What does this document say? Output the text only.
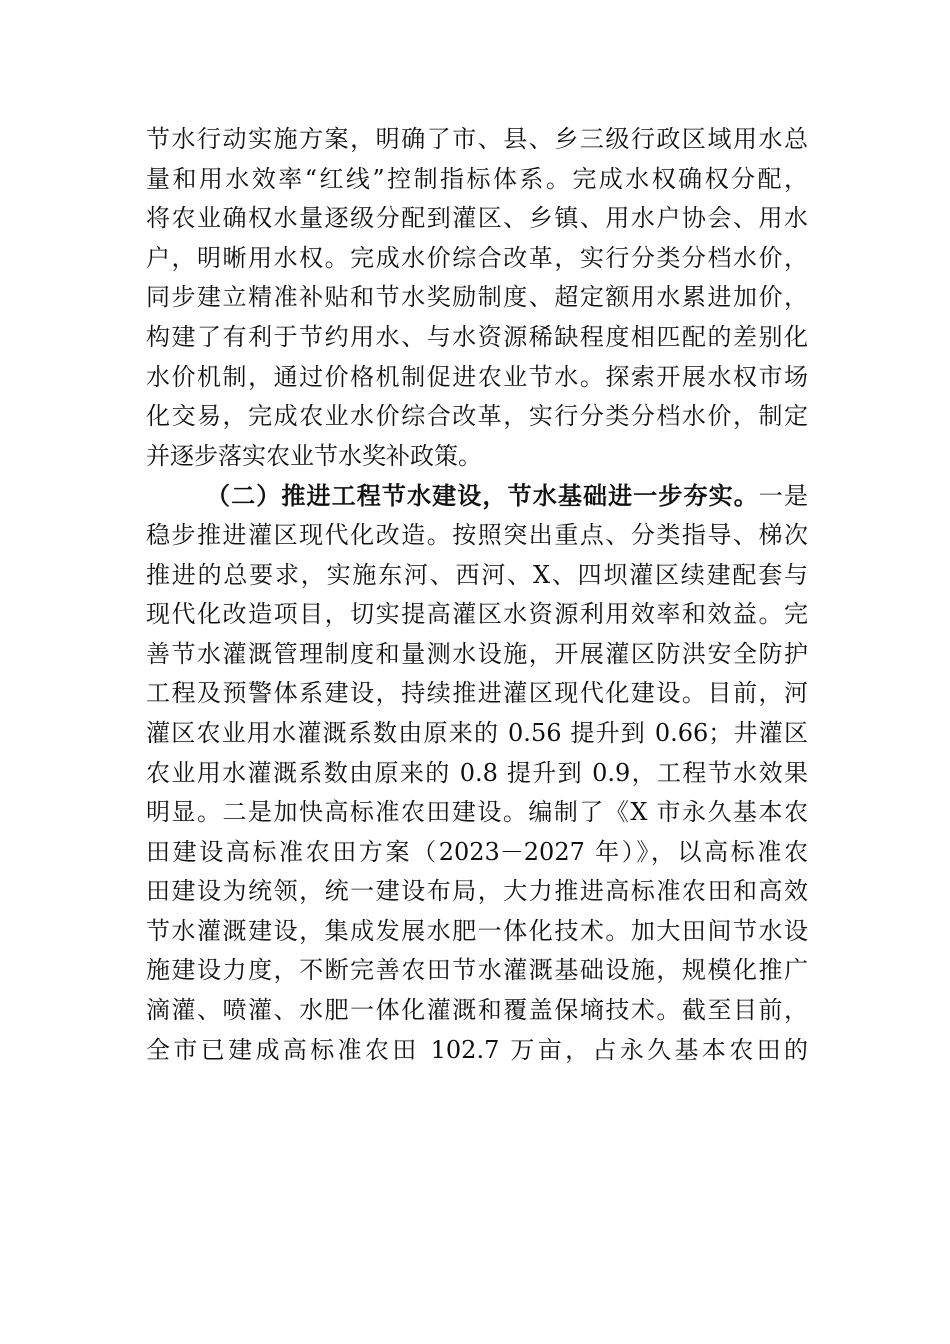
节水行动实施方案，明确了市、县、乡三级行政区域用水总
量和用水效率“红线”控制指标体系。完成水权确权分配，
将农业确权水量逐级分配到灌区、乡镇、用水户协会、用水
户，明晰用水权。完成水价综合改革，实行分类分档水价，
同步建立精准补贴和节水奖励制度、超定额用水累进加价，
构建了有利于节约用水、与水资源稀缺程度相匹配的差别化
水价机制，通过价格机制促进农业节水。探索开展水权市场
化交易，完成农业水价综合改革，实行分类分档水价，制定
并逐步落实农业节水奖补政策。
（二）推进工程节水建设，节水基础进一步夯实。一是
稳步推进灌区现代化改造。按照突出重点、分类指导、梯次
推进的总要求，实施东河、西河、X、四坝灌区续建配套与
现代化改造项目，切实提高灌区水资源利用效率和效益。完
善节水灌溉管理制度和量测水设施，开展灌区防洪安全防护
工程及预警体系建设，持续推进灌区现代化建设。目前，河
灌区农业用水灌溉系数由原来的 0.56 提升到 0.66；井灌区
农业用水灌溉系数由原来的 0.8 提升到 0.9，工程节水效果
明显。二是加快高标准农田建设。编制了《X 市永久基本农
田建设高标准农田方案（2023－2027 年）》，以高标准农
田建设为统领，统一建设布局，大力推进高标准农田和高效
节水灌溉建设，集成发展水肥一体化技术。加大田间节水设
施建设力度，不断完善农田节水灌溉基础设施，规模化推广
滴灌、喷灌、水肥一体化灌溉和覆盖保墒技术。截至目前，
全市已建成高标准农田 102.7 万亩，占永久基本农田的
